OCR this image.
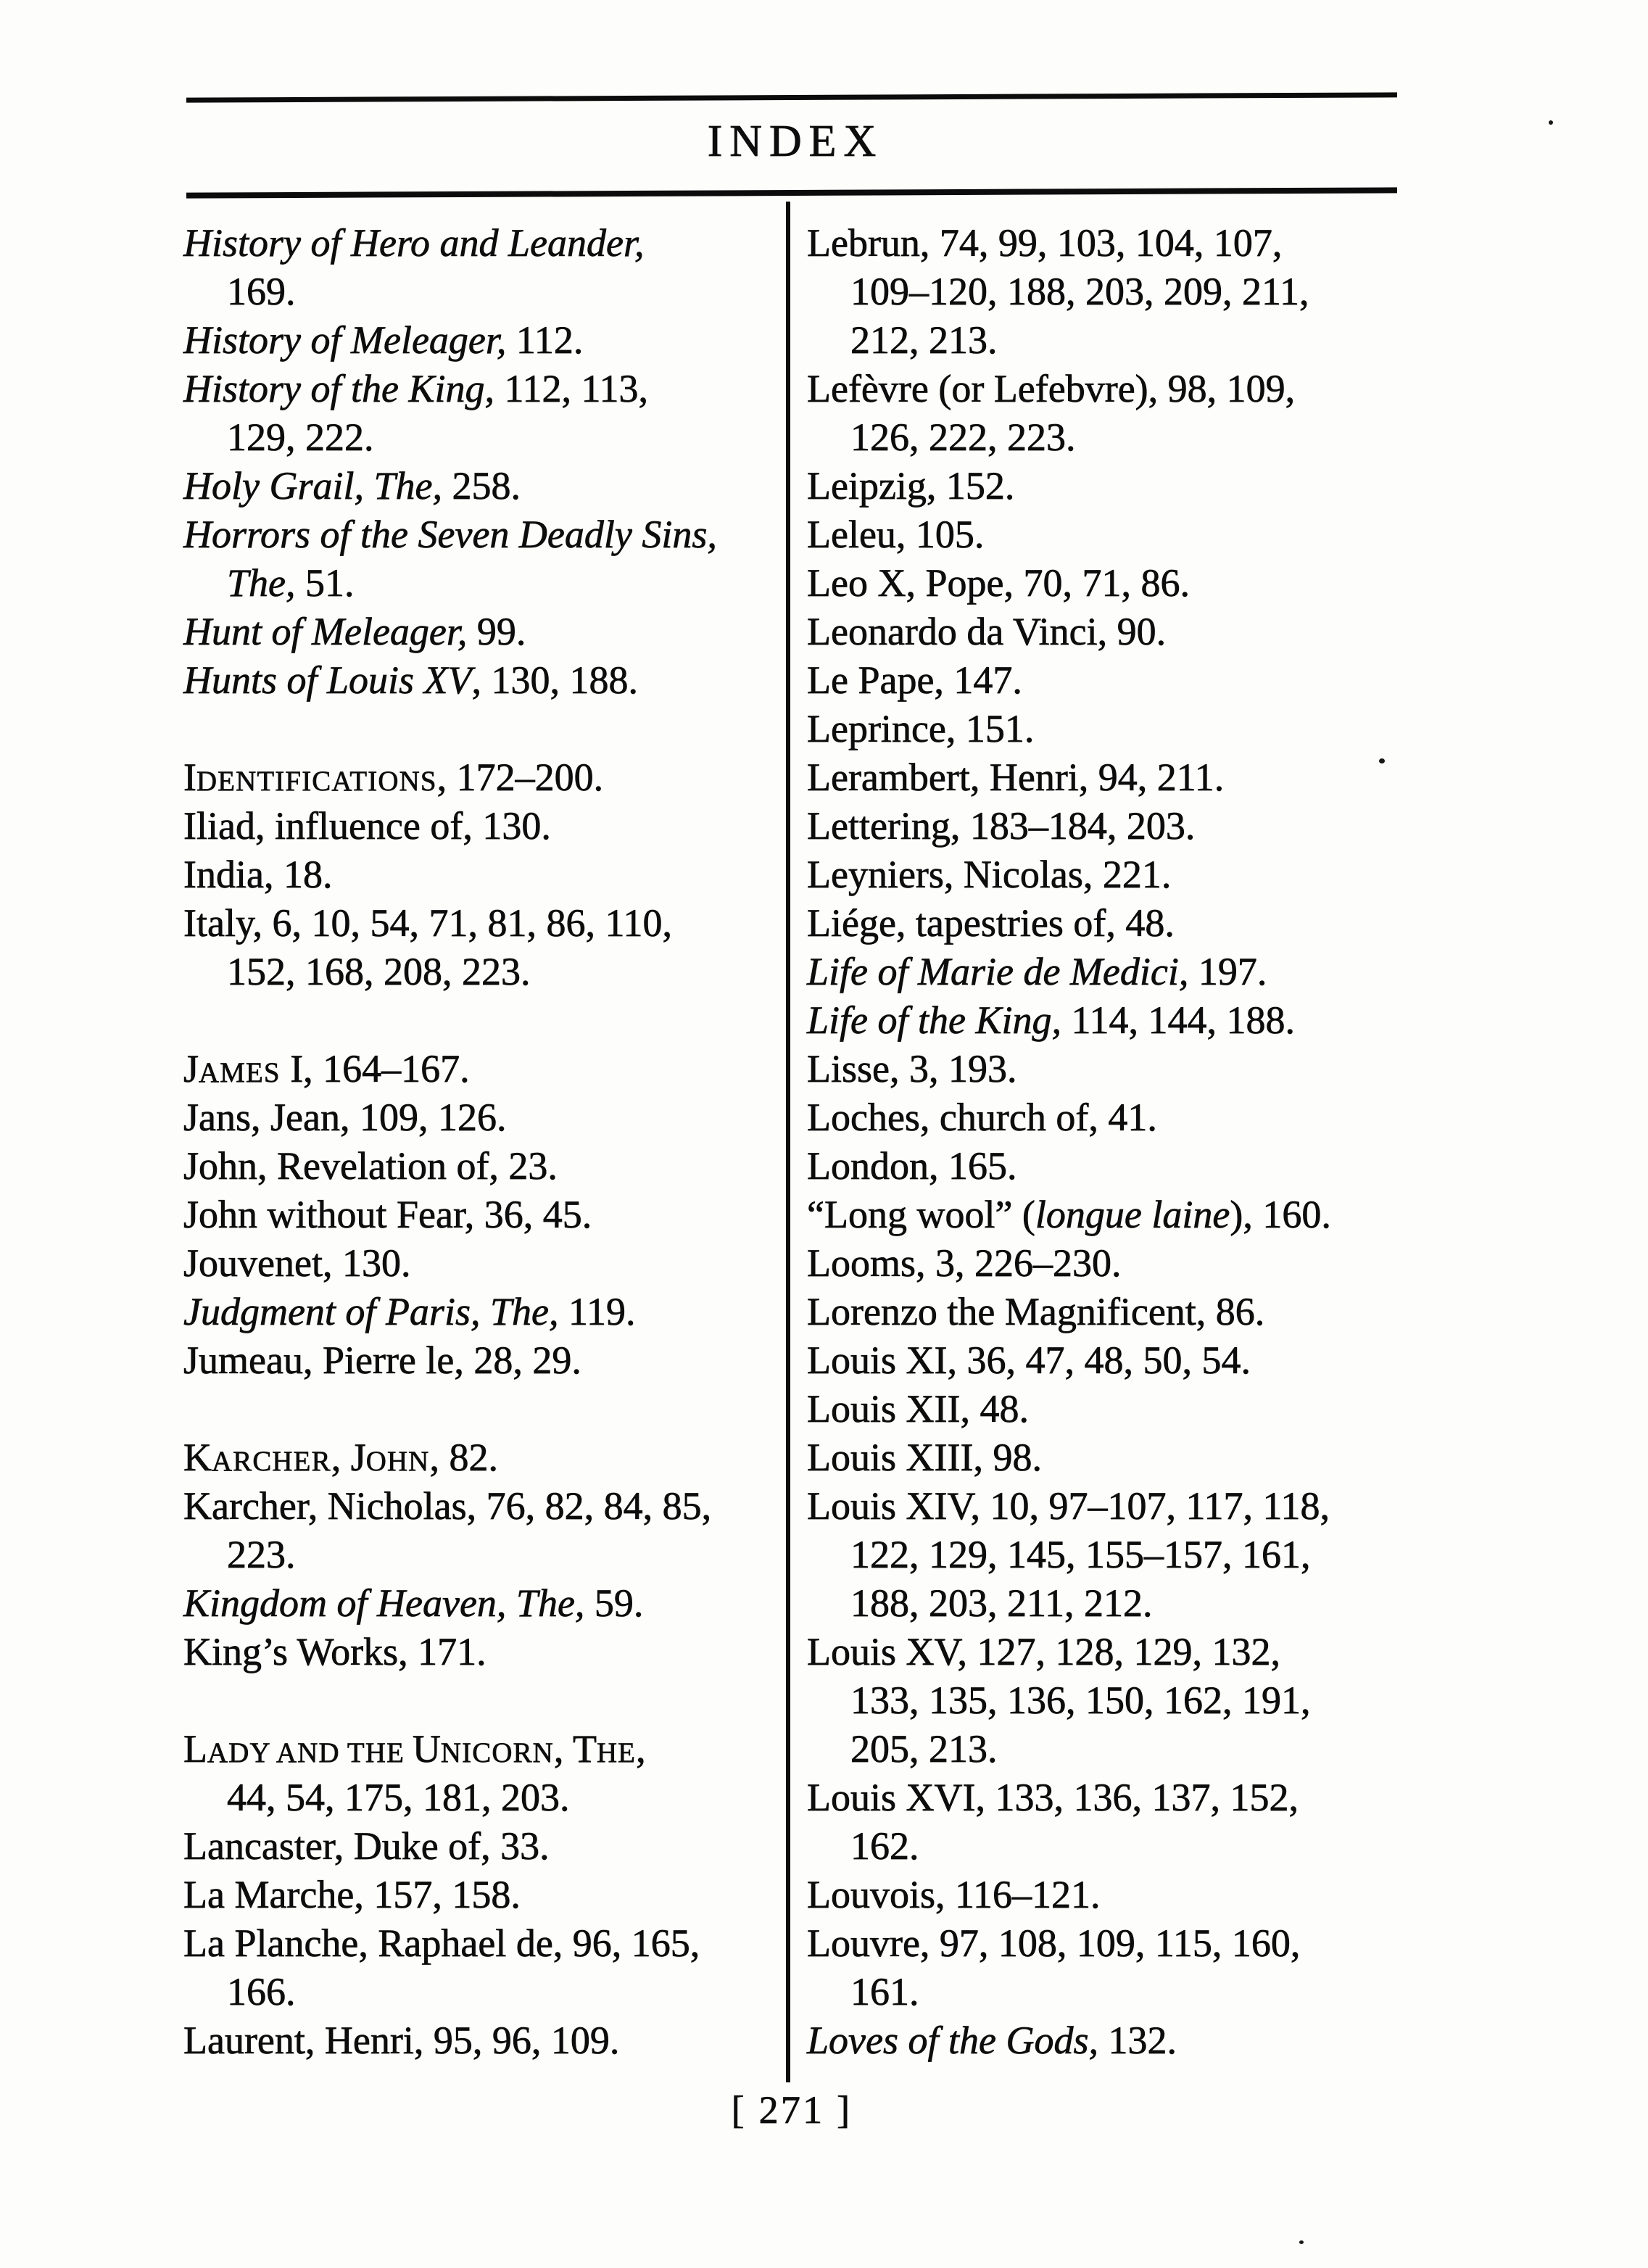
INDEX
History of Hero and Leander,
169.
History of Meleager, 112.
History of the King, 112, 113,
129, 222.
Holy Grail, The, 258.
Horrors of the Seven Deadly Sins,
The, 51.
Hunt of Meleager, 99.
Hunts of Louis XV, 130, 188.
IDENTIFICATIONS, 172–200.
Iliad, influence of, 130.
India, 18.
Italy, 6, 10, 54, 71, 81, 86, 110,
152, 168, 208, 223.
JAMES I, 164–167.
Jans, Jean, 109, 126.
John, Revelation of, 23.
John without Fear, 36, 45.
Jouvenet, 130.
Judgment of Paris, The, 119.
Jumeau, Pierre le, 28, 29.
KARCHER, JOHN, 82.
Karcher, Nicholas, 76, 82, 84, 85,
223.
Kingdom of Heaven, The, 59.
King’s Works, 171.
LADY AND THE UNICORN, THE,
44, 54, 175, 181, 203.
Lancaster, Duke of, 33.
La Marche, 157, 158.
La Planche, Raphael de, 96, 165,
166.
Laurent, Henri, 95, 96, 109.
Lebrun, 74, 99, 103, 104, 107,
109–120, 188, 203, 209, 211,
212, 213.
Lefèvre (or Lefebvre), 98, 109,
126, 222, 223.
Leipzig, 152.
Leleu, 105.
Leo X, Pope, 70, 71, 86.
Leonardo da Vinci, 90.
Le Pape, 147.
Leprince, 151.
Lerambert, Henri, 94, 211.
Lettering, 183–184, 203.
Leyniers, Nicolas, 221.
Liége, tapestries of, 48.
Life of Marie de Medici, 197.
Life of the King, 114, 144, 188.
Lisse, 3, 193.
Loches, church of, 41.
London, 165.
“Long wool” (longue laine), 160.
Looms, 3, 226–230.
Lorenzo the Magnificent, 86.
Louis XI, 36, 47, 48, 50, 54.
Louis XII, 48.
Louis XIII, 98.
Louis XIV, 10, 97–107, 117, 118,
122, 129, 145, 155–157, 161,
188, 203, 211, 212.
Louis XV, 127, 128, 129, 132,
133, 135, 136, 150, 162, 191,
205, 213.
Louis XVI, 133, 136, 137, 152,
162.
Louvois, 116–121.
Louvre, 97, 108, 109, 115, 160,
161.
Loves of the Gods, 132.
[ 271 ]
